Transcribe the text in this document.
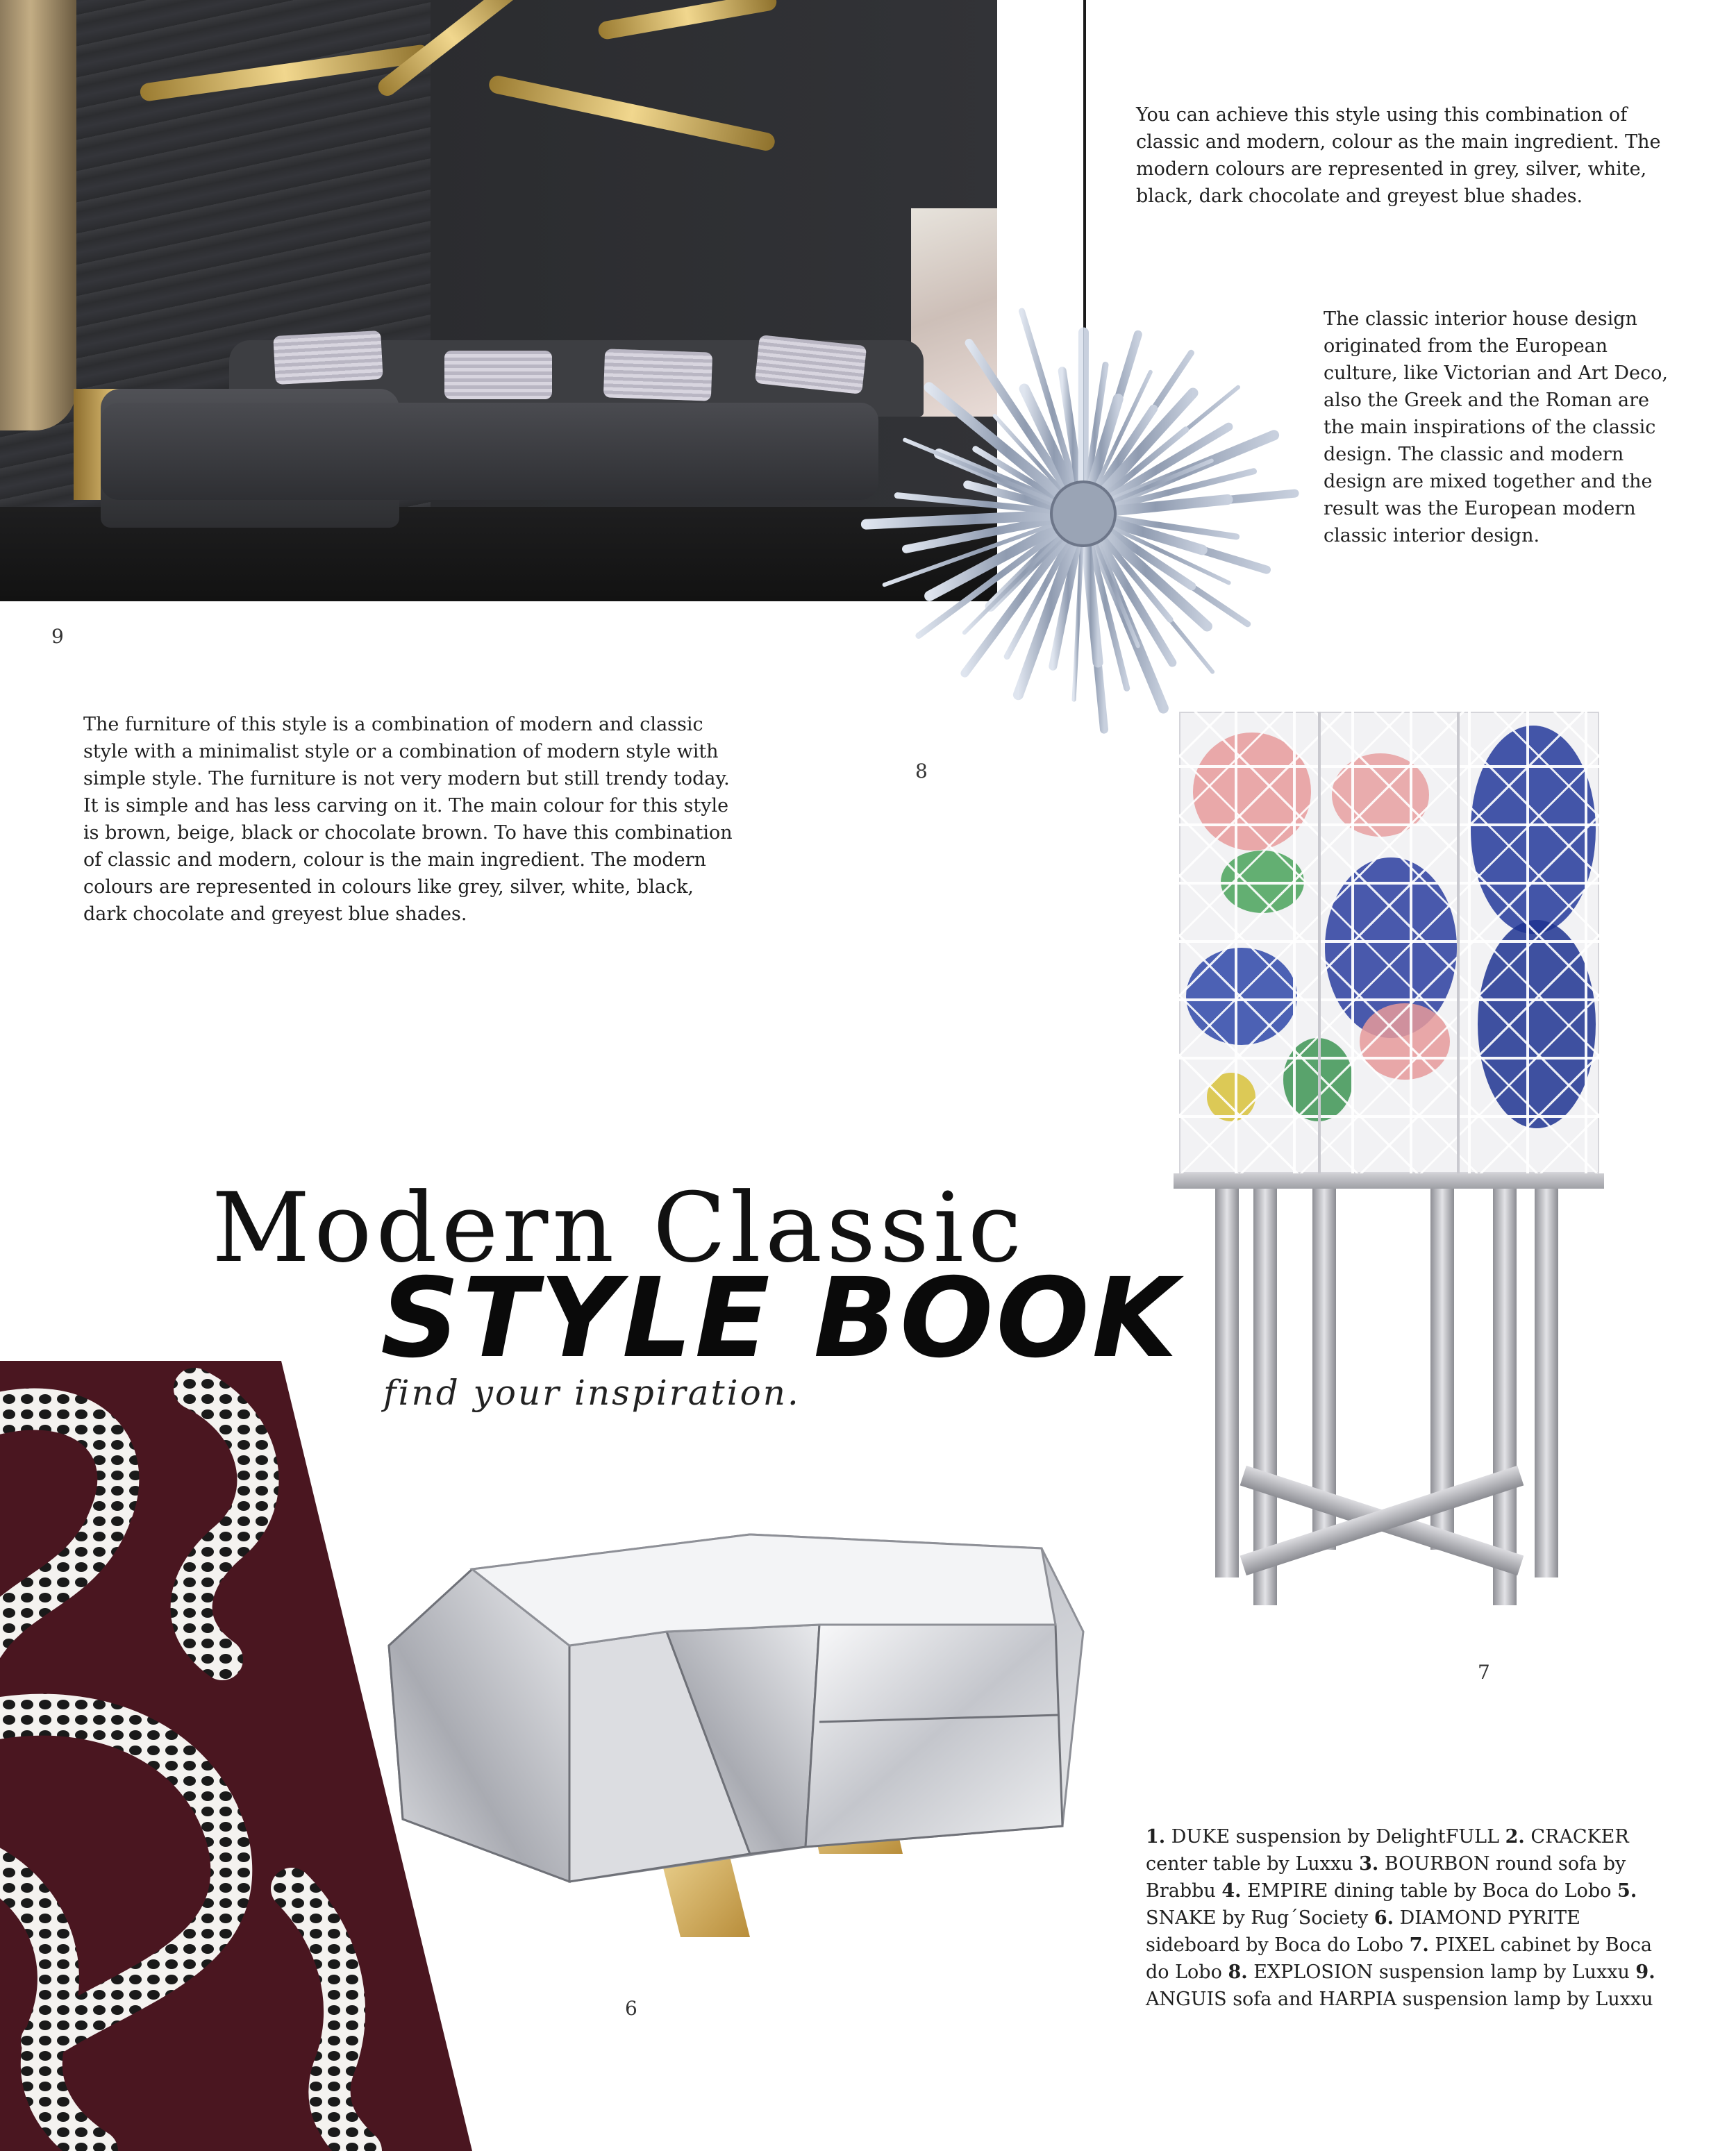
You can achieve this style using this combination of classic and modern, colour as the main ingredient. The modern colours are represented in grey, silver, white, black, dark chocolate and greyest blue shades.
The classic interior house design originated from the European culture, like Victorian and Art Deco, also the Greek and the Roman are the main inspirations of the classic design. The classic and modern design are mixed together and the result was the European modern classic interior design.
The furniture of this style is a combination of modern and classic style with a minimalist style or a combination of modern style with simple style. The furniture is not very modern but still trendy today. It is simple and has less carving on it. The main colour for this style is brown, beige, black or chocolate brown. To have this combination of classic and modern, colour is the main ingredient. The modern colours are represented in colours like grey, silver, white, black, dark chocolate and greyest blue shades.
9
8
7
6
Modern Classic
STYLE BOOK
find your inspiration.
1. DUKE suspension by DelightFULL 2. CRACKER center table by Luxxu 3. BOURBON round sofa by Brabbu 4. EMPIRE dining table by Boca do Lobo 5. SNAKE by Rug´Society 6. DIAMOND PYRITE sideboard by Boca do Lobo 7. PIXEL cabinet by Boca do Lobo 8. EXPLOSION suspension lamp by Luxxu 9. ANGUIS sofa and HARPIA suspension lamp by Luxxu
